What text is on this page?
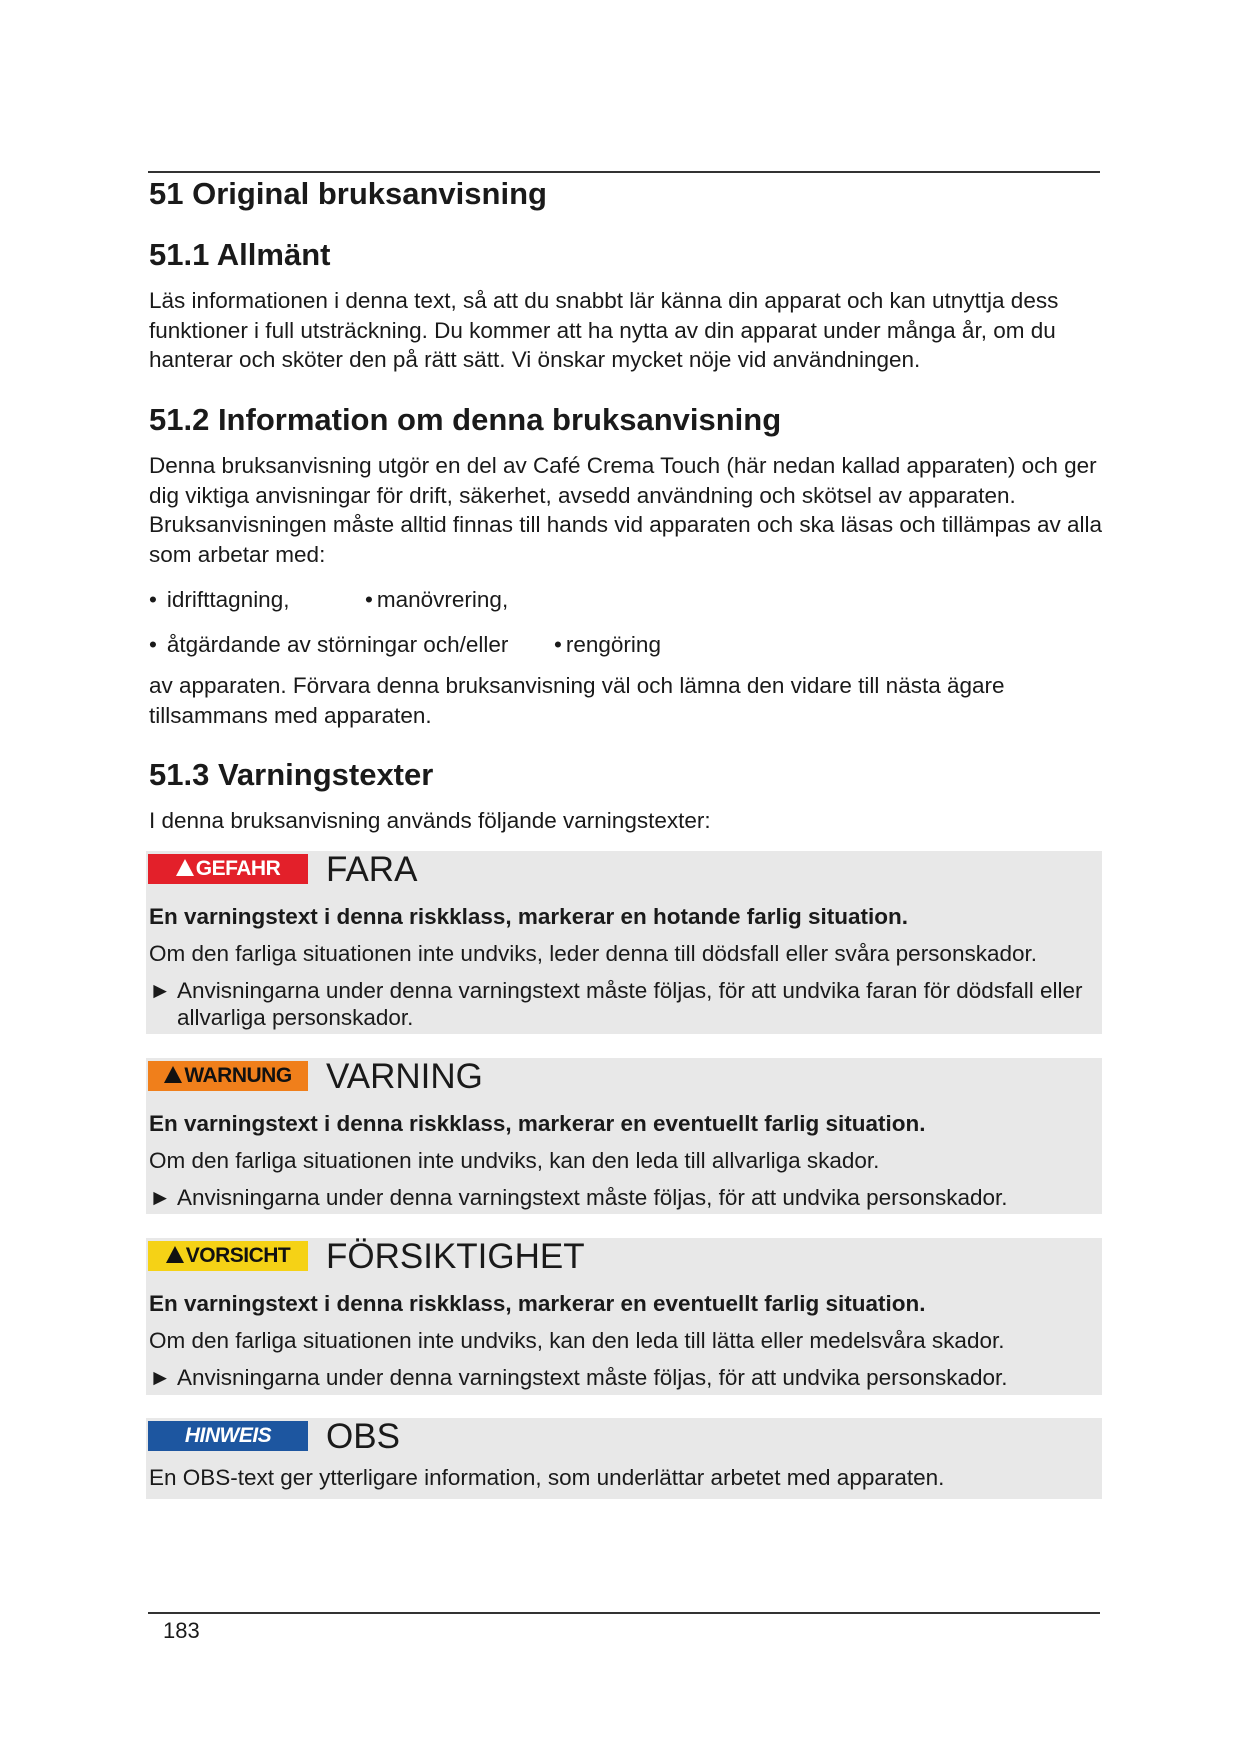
51 Original bruksanvisning
51.1 Allmänt

Läs informationen i denna text, så att du snabbt lär känna din apparat och kan utnyttja dess funktioner i full utsträckning. Du kommer att ha nytta av din apparat under många år, om du hanterar och sköter den på rätt sätt. Vi önskar mycket nöje vid användningen.

51.2 Information om denna bruksanvisning

Denna bruksanvisning utgör en del av Café Crema Touch (här nedan kallad apparaten) och ger dig viktiga anvisningar för drift, säkerhet, avsedd användning och skötsel av apparaten. Bruksanvisningen måste alltid finnas till hands vid apparaten och ska läsas och tillämpas av alla som arbetar med:

• idrifttagning,	• manövrering,
• åtgärdande av störningar och/eller • rengöring

av apparaten. Förvara denna bruksanvisning väl och lämna den vidare till nästa ägare tillsammans med apparaten.

51.3 Varningstexter

I denna bruksanvisning används följande varningstexter:

GEFAHR	FARA
En varningstext i denna riskklass, markerar en hotande farlig situation.
Om den farliga situationen inte undviks, leder denna till dödsfall eller svåra personskador.
► Anvisningarna under denna varningstext måste följas, för att undvika faran för dödsfall eller allvarliga personskador.
WARNUNG VARNING
En varningstext i denna riskklass, markerar en eventuellt farlig situation.
Om den farliga situationen inte undviks, kan den leda till allvarliga skador.
► Anvisningarna under denna varningstext måste följas, för att undvika personskador.
VORSICHT	FÖRSIKTIGHET
En varningstext i denna riskklass, markerar en eventuellt farlig situation.
Om den farliga situationen inte undviks, kan den leda till lätta eller medelsvåra skador.
► Anvisningarna under denna varningstext måste följas, för att undvika personskador.
HINWEIS	OBS
En OBS-text ger ytterligare information, som underlättar arbetet med apparaten.
183
